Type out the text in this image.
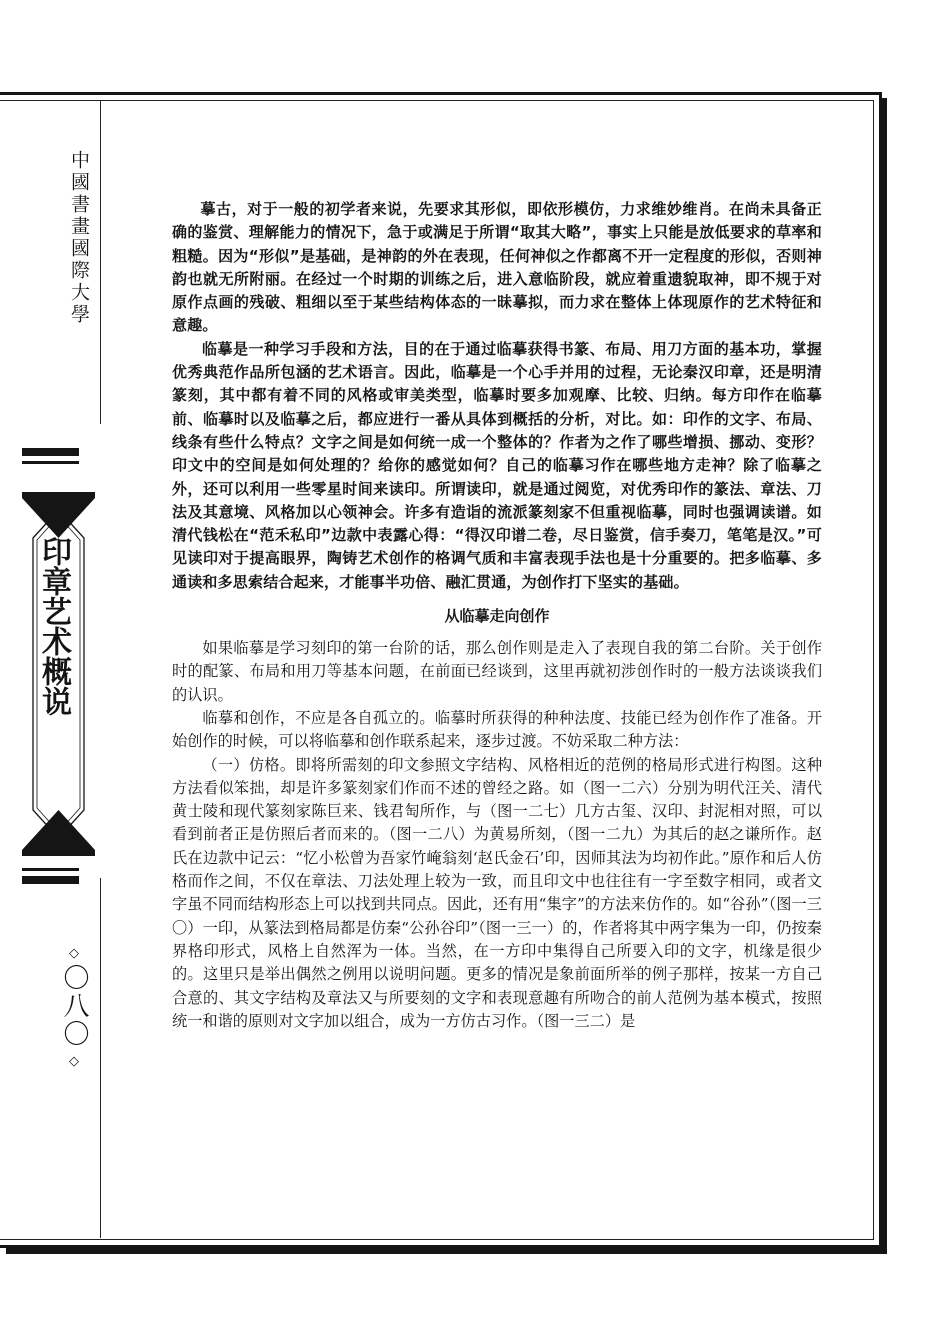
中國書畫國際大學
印章艺术概说
◇
〇八〇
◇

摹古，对于一般的初学者来说，先要求其形似，即依形模仿，力求维妙维肖。在尚未具备正确的鉴赏、理解能力的情况下，急于或满足于所谓“取其大略”，事实上只能是放低要求的草率和粗糙。因为“形似”是基础，是神韵的外在表现，任何神似之作都离不开一定程度的形似，否则神韵也就无所附丽。在经过一个时期的训练之后，进入意临阶段，就应着重遗貌取神，即不规于对原作点画的残破、粗细以至于某些结构体态的一昧摹拟，而力求在整体上体现原作的艺术特征和意趣。

临摹是一种学习手段和方法，目的在于通过临摹获得书篆、布局、用刀方面的基本功，掌握优秀典范作品所包涵的艺术语言。因此，临摹是一个心手并用的过程，无论秦汉印章，还是明清篆刻，其中都有着不同的风格或审美类型，临摹时要多加观摩、比较、归纳。每方印作在临摹前、临摹时以及临摹之后，都应进行一番从具体到概括的分析，对比。如：印作的文字、布局、线条有些什么特点？文字之间是如何统一成一个整体的？作者为之作了哪些增损、挪动、变形？印文中的空间是如何处理的？给你的感觉如何？自己的临摹习作在哪些地方走神？除了临摹之外，还可以利用一些零星时间来读印。所谓读印，就是通过阅览，对优秀印作的篆法、章法、刀法及其意境、风格加以心领神会。许多有造诣的流派篆刻家不但重视临摹，同时也强调读谱。如清代钱松在“范禾私印”边款中表露心得：“得汉印谱二卷，尽日鉴赏，信手奏刀，笔笔是汉。”可见读印对于提高眼界，陶铸艺术创作的格调气质和丰富表现手法也是十分重要的。把多临摹、多通读和多思索结合起来，才能事半功倍、融汇贯通，为创作打下坚实的基础。

从临摹走向创作

如果临摹是学习刻印的第一台阶的话，那么创作则是走入了表现自我的第二台阶。关于创作时的配篆、布局和用刀等基本问题，在前面已经谈到，这里再就初涉创作时的一般方法谈谈我们的认识。

临摹和创作，不应是各自孤立的。临摹时所获得的种种法度、技能已经为创作作了准备。开始创作的时候，可以将临摹和创作联系起来，逐步过渡。不妨采取二种方法：

（一）仿格。即将所需刻的印文参照文字结构、风格相近的范例的格局形式进行构图。这种方法看似笨拙，却是许多篆刻家们作而不述的曾经之路。如（图一二六）分别为明代汪关、清代黄士陵和现代篆刻家陈巨来、钱君匋所作，与（图一二七）几方古玺、汉印、封泥相对照，可以看到前者正是仿照后者而来的。（图一二八）为黄易所刻，（图一二九）为其后的赵之谦所作。赵氏在边款中记云：“忆小松曾为吾家竹崦翁刻‘赵氏金石’印，因师其法为均初作此。”原作和后人仿格而作之间，不仅在章法、刀法处理上较为一致，而且印文中也往往有一字至数字相同，或者文字虽不同而结构形态上可以找到共同点。因此，还有用“集字”的方法来仿作的。如“谷孙”（图一三〇）一印，从篆法到格局都是仿秦“公孙谷印”（图一三一）的，作者将其中两字集为一印，仍按秦界格印形式，风格上自然浑为一体。当然，在一方印中集得自己所要入印的文字，机缘是很少的。这里只是举出偶然之例用以说明问题。更多的情况是象前面所举的例子那样，按某一方自己合意的、其文字结构及章法又与所要刻的文字和表现意趣有所吻合的前人范例为基本模式，按照统一和谐的原则对文字加以组合，成为一方仿古习作。（图一三二）是
